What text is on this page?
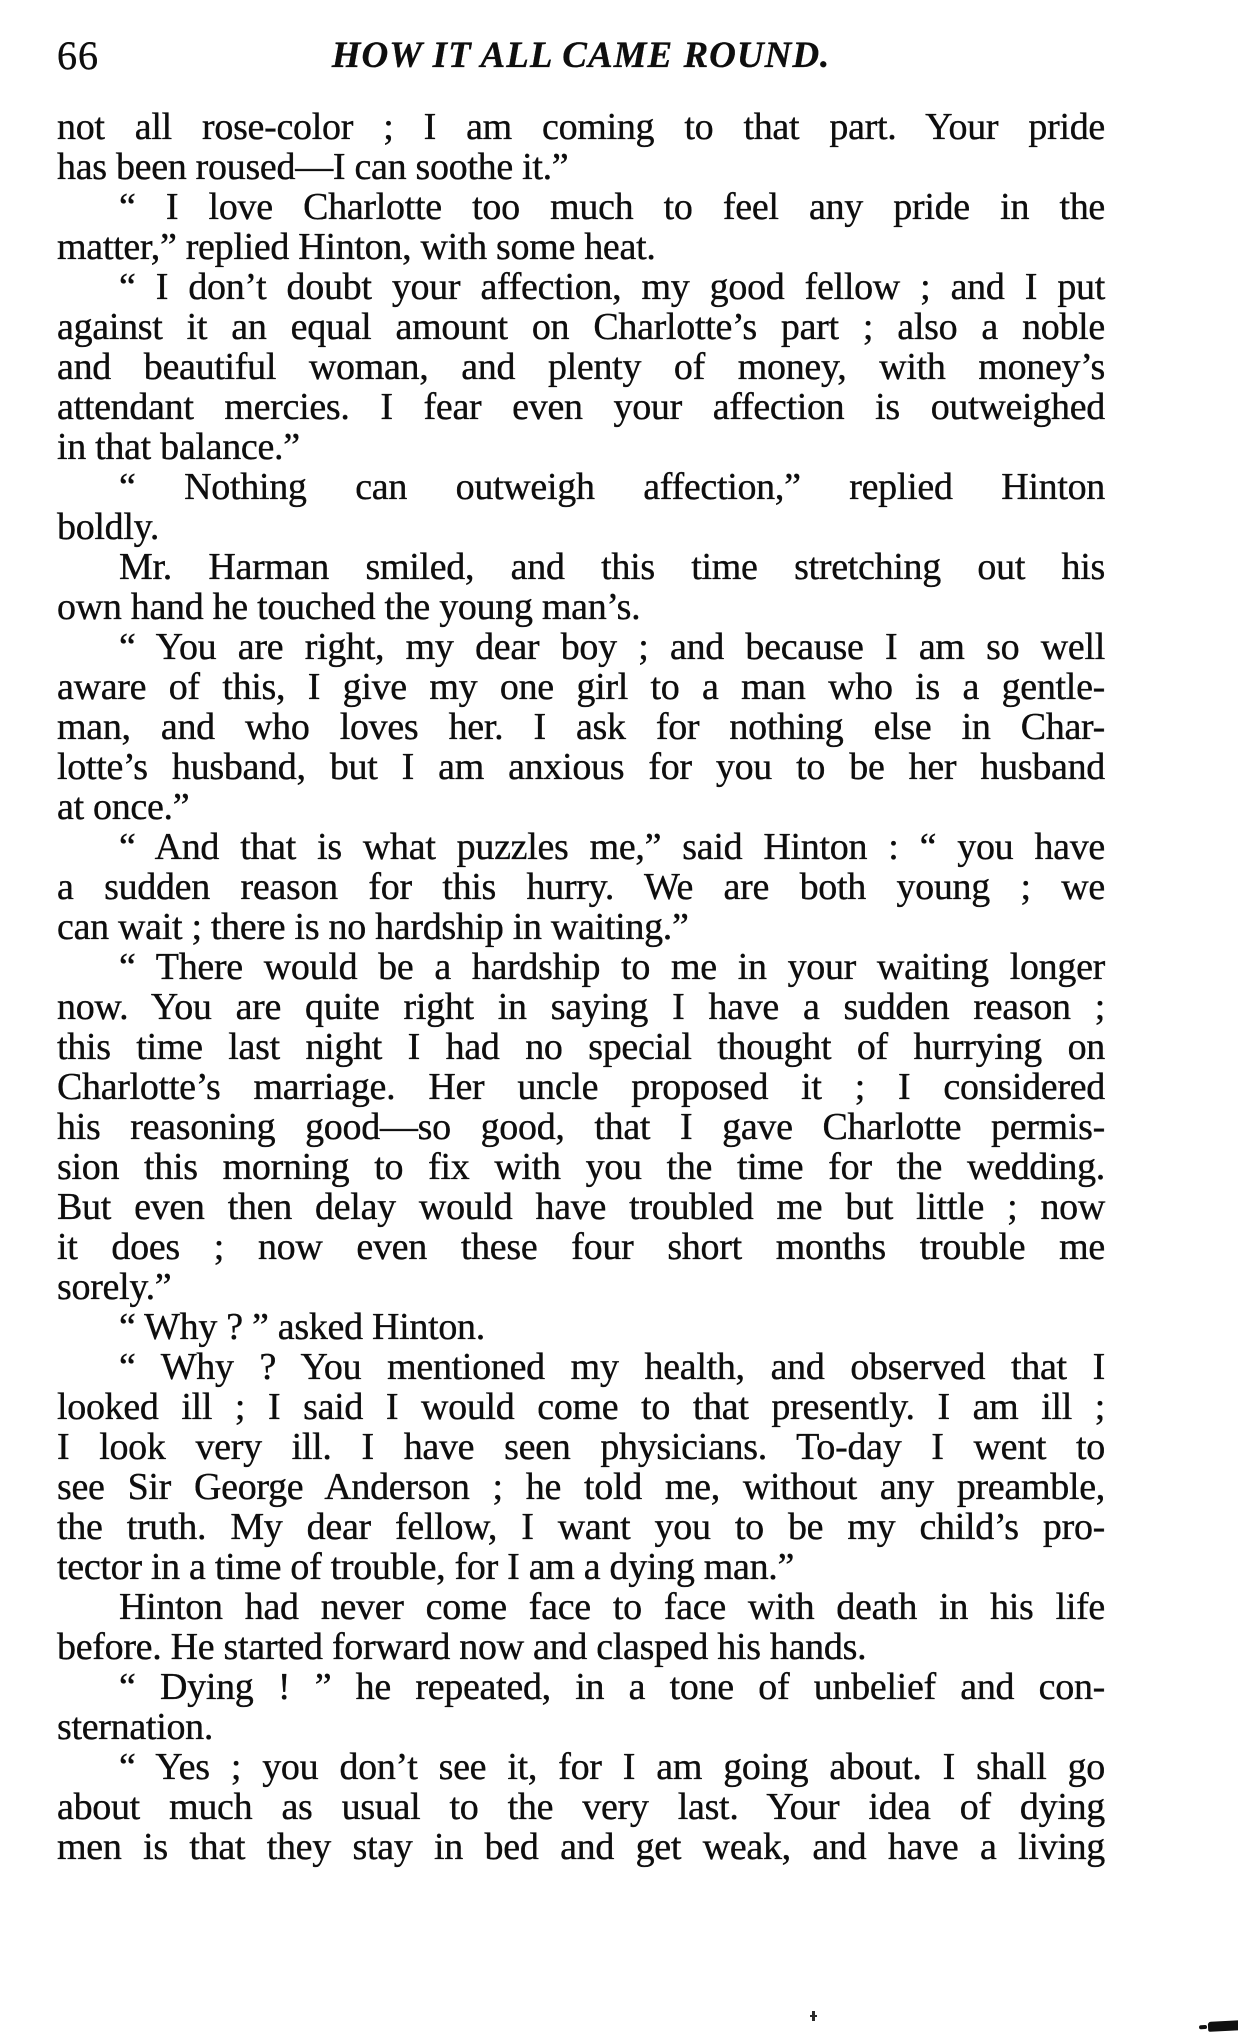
66	HOW IT ALL CAME ROUND.
not all rose-color ; I am coming to that part. Your pride
has been roused—I can soothe it.”
“ I love Charlotte too much to feel any pride in the
matter,” replied Hinton, with some heat.
“ I don’t doubt your affection, my good fellow ; and I put
against it an equal amount on Charlotte’s part ; also a noble
and beautiful woman, and plenty of money, with money’s
attendant mercies. I fear even your affection is outweighed
in that balance.”
“ Nothing can outweigh affection,” replied Hinton
boldly.
Mr. Harman smiled, and this time stretching out his
own hand he touched the young man’s.
“ You are right, my dear boy ; and because I am so well
aware of this, I give my one girl to a man who is a gentle-
man, and who loves her. I ask for nothing else in Char-
lotte’s husband, but I am anxious for you to be her husband
at once.”
“ And that is what puzzles me,” said Hinton : “ you have
a sudden reason for this hurry. We are both young ; we
can wait ; there is no hardship in waiting.”
“ There would be a hardship to me in your waiting longer
now. You are quite right in saying I have a sudden reason ;
this time last night I had no special thought of hurrying on
Charlotte’s marriage. Her uncle proposed it ; I considered
his reasoning good—so good, that I gave Charlotte permis-
sion this morning to fix with you the time for the wedding.
But even then delay would have troubled me but little ; now
it does ; now even these four short months trouble me
sorely.”
“ Why ? ” asked Hinton.
“ Why ? You mentioned my health, and observed that I
looked ill ; I said I would come to that presently. I am ill ;
I look very ill. I have seen physicians. To-day I went to
see Sir George Anderson ; he told me, without any preamble,
the truth. My dear fellow, I want you to be my child’s pro-
tector in a time of trouble, for I am a dying man.”
Hinton had never come face to face with death in his life
before. He started forward now and clasped his hands.
“ Dying ! ” he repeated, in a tone of unbelief and con-
sternation.
“ Yes ; you don’t see it, for I am going about. I shall go
about much as usual to the very last. Your idea of dying
men is that they stay in bed and get weak, and have a living
